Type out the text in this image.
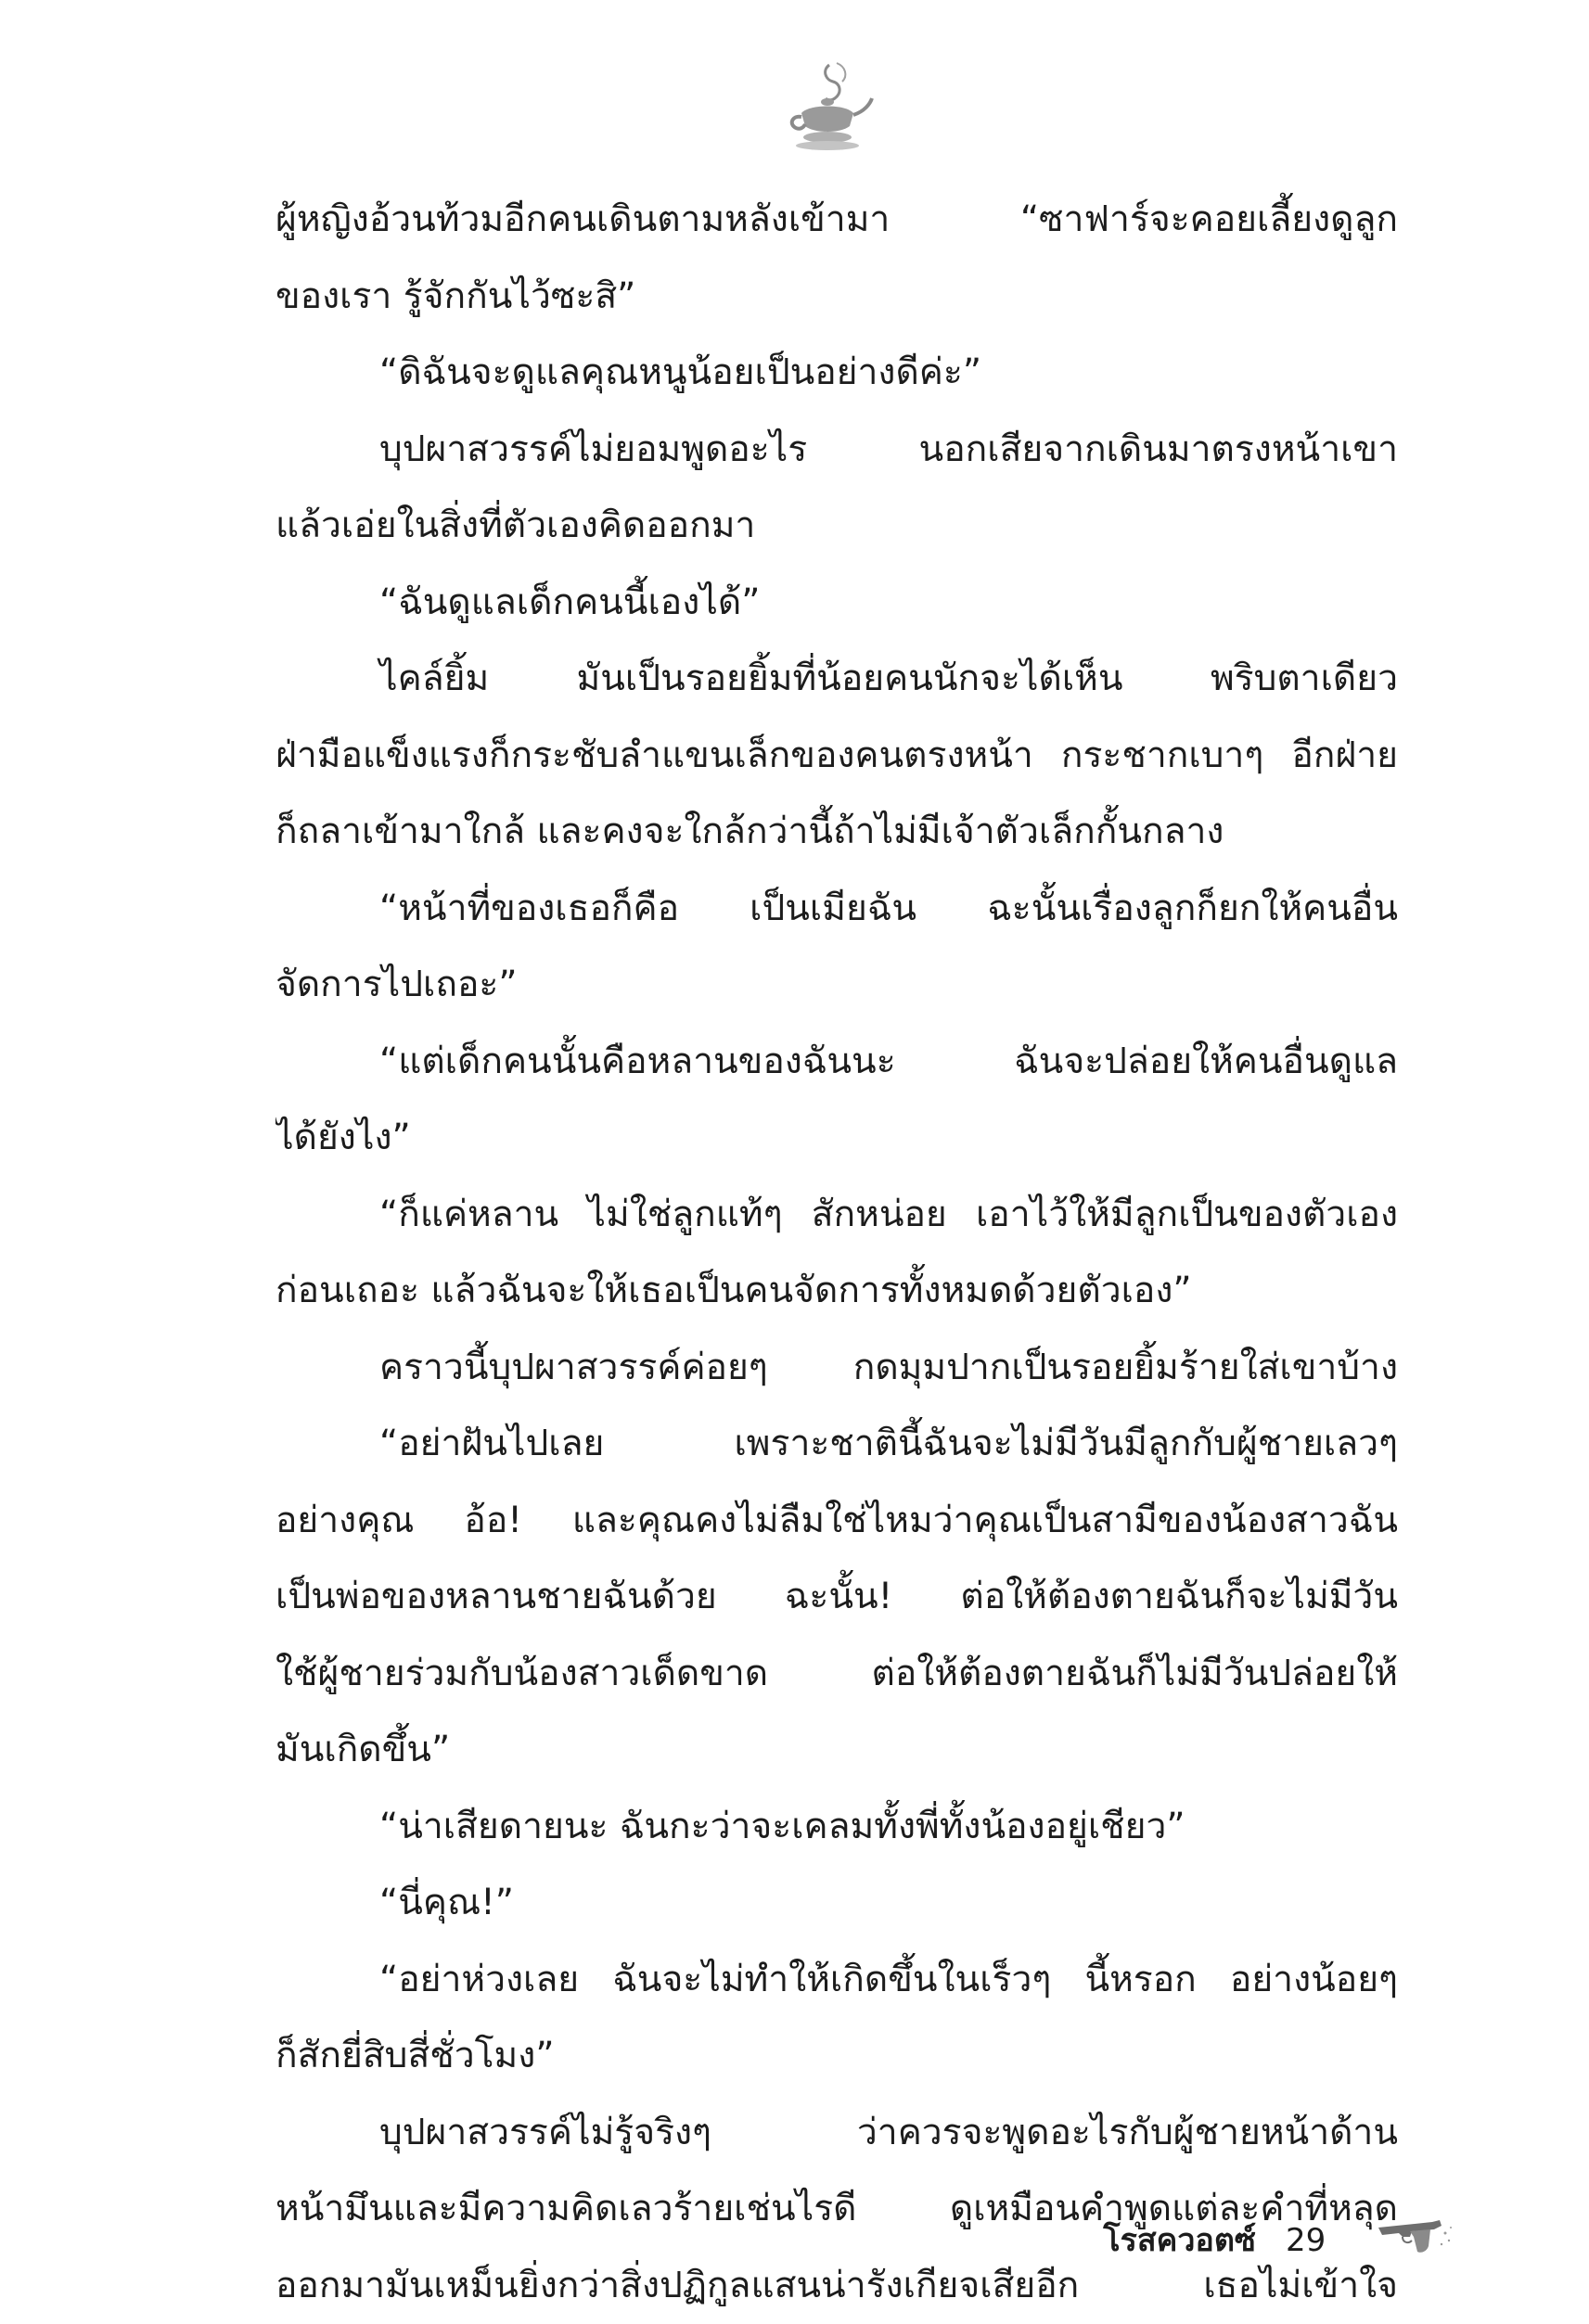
ผู้หญิงอ้วนท้วมอีกคนเดินตามหลังเข้ามา “ซาฟาร์จะคอยเลี้ยงดูลูก
ของเรา รู้จักกันไว้ซะสิ”
“ดิฉันจะดูแลคุณหนูน้อยเป็นอย่างดีค่ะ”
บุปผาสวรรค์ไม่ยอมพูดอะไร นอกเสียจากเดินมาตรงหน้าเขา
แล้วเอ่ยในสิ่งที่ตัวเองคิดออกมา
“ฉันดูแลเด็กคนนี้เองได้”
ไคล์ยิ้ม มันเป็นรอยยิ้มที่น้อยคนนักจะได้เห็น พริบตาเดียว
ฝ่ามือแข็งแรงก็กระชับลำแขนเล็กของคนตรงหน้า กระชากเบาๆ อีกฝ่าย
ก็ถลาเข้ามาใกล้ และคงจะใกล้กว่านี้ถ้าไม่มีเจ้าตัวเล็กกั้นกลาง
“หน้าที่ของเธอก็คือ เป็นเมียฉัน ฉะนั้นเรื่องลูกก็ยกให้คนอื่น
จัดการไปเถอะ”
“แต่เด็กคนนั้นคือหลานของฉันนะ ฉันจะปล่อยให้คนอื่นดูแล
ได้ยังไง”
“ก็แค่หลาน ไม่ใช่ลูกแท้ๆ สักหน่อย เอาไว้ให้มีลูกเป็นของตัวเอง
ก่อนเถอะ แล้วฉันจะให้เธอเป็นคนจัดการทั้งหมดด้วยตัวเอง”
คราวนี้บุปผาสวรรค์ค่อยๆ กดมุมปากเป็นรอยยิ้มร้ายใส่เขาบ้าง
“อย่าฝันไปเลย เพราะชาตินี้ฉันจะไม่มีวันมีลูกกับผู้ชายเลวๆ
อย่างคุณ อ้อ! และคุณคงไม่ลืมใช่ไหมว่าคุณเป็นสามีของน้องสาวฉัน
เป็นพ่อของหลานชายฉันด้วย ฉะนั้น! ต่อให้ต้องตายฉันก็จะไม่มีวัน
ใช้ผู้ชายร่วมกับน้องสาวเด็ดขาด ต่อให้ต้องตายฉันก็ไม่มีวันปล่อยให้
มันเกิดขึ้น”
“น่าเสียดายนะ ฉันกะว่าจะเคลมทั้งพี่ทั้งน้องอยู่เชียว”
“นี่คุณ!”
“อย่าห่วงเลย ฉันจะไม่ทำให้เกิดขึ้นในเร็วๆ นี้หรอก อย่างน้อยๆ
ก็สักยี่สิบสี่ชั่วโมง”
บุปผาสวรรค์ไม่รู้จริงๆ ว่าควรจะพูดอะไรกับผู้ชายหน้าด้าน
หน้ามึนและมีความคิดเลวร้ายเช่นไรดี ดูเหมือนคำพูดแต่ละคำที่หลุด
ออกมามันเหม็นยิ่งกว่าสิ่งปฏิกูลแสนน่ารังเกียจเสียอีก เธอไม่เข้าใจ
โรสควอตซ์ 29
